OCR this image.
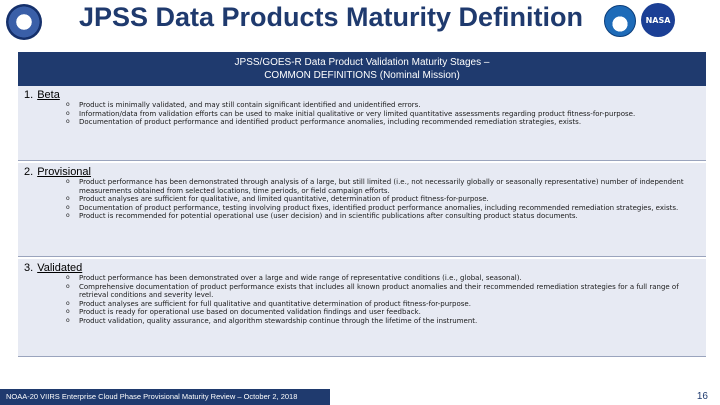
JPSS Data Products Maturity Definition	NASA
JPSS/GOES-R Data Product Validation Maturity Stages –
COMMON DEFINITIONS (Nominal Mission)
1. Beta
o Product is minimally validated, and may still contain significant identified and unidentified errors.
o Information/data from validation efforts can be used to make initial qualitative or very limited quantitative assessments regarding product fitness-for-purpose.
o Documentation of product performance and identified product performance anomalies, including recommended remediation strategies, exists.
2. Provisional
o Product performance has been demonstrated through analysis of a large, but still limited (i.e., not necessarily globally or seasonally representative) number of independent measurements obtained from selected locations, time periods, or field campaign efforts.
o Product analyses are sufficient for qualitative, and limited quantitative, determination of product fitness-for-purpose.
o Documentation of product performance, testing involving product fixes, identified product performance anomalies, including recommended remediation strategies, exists.
o Product is recommended for potential operational use (user decision) and in scientific publications after consulting product status documents.
3. Validated
o Product performance has been demonstrated over a large and wide range of representative conditions (i.e., global, seasonal).
o Comprehensive documentation of product performance exists that includes all known product anomalies and their recommended remediation strategies for a full range of retrieval conditions and severity level.
o Product analyses are sufficient for full qualitative and quantitative determination of product fitness-for-purpose.
o Product is ready for operational use based on documented validation findings and user feedback.
o Product validation, quality assurance, and algorithm stewardship continue through the lifetime of the instrument.
NOAA-20 VIIRS Enterprise Cloud Phase Provisional Maturity Review – October 2, 2018	16
